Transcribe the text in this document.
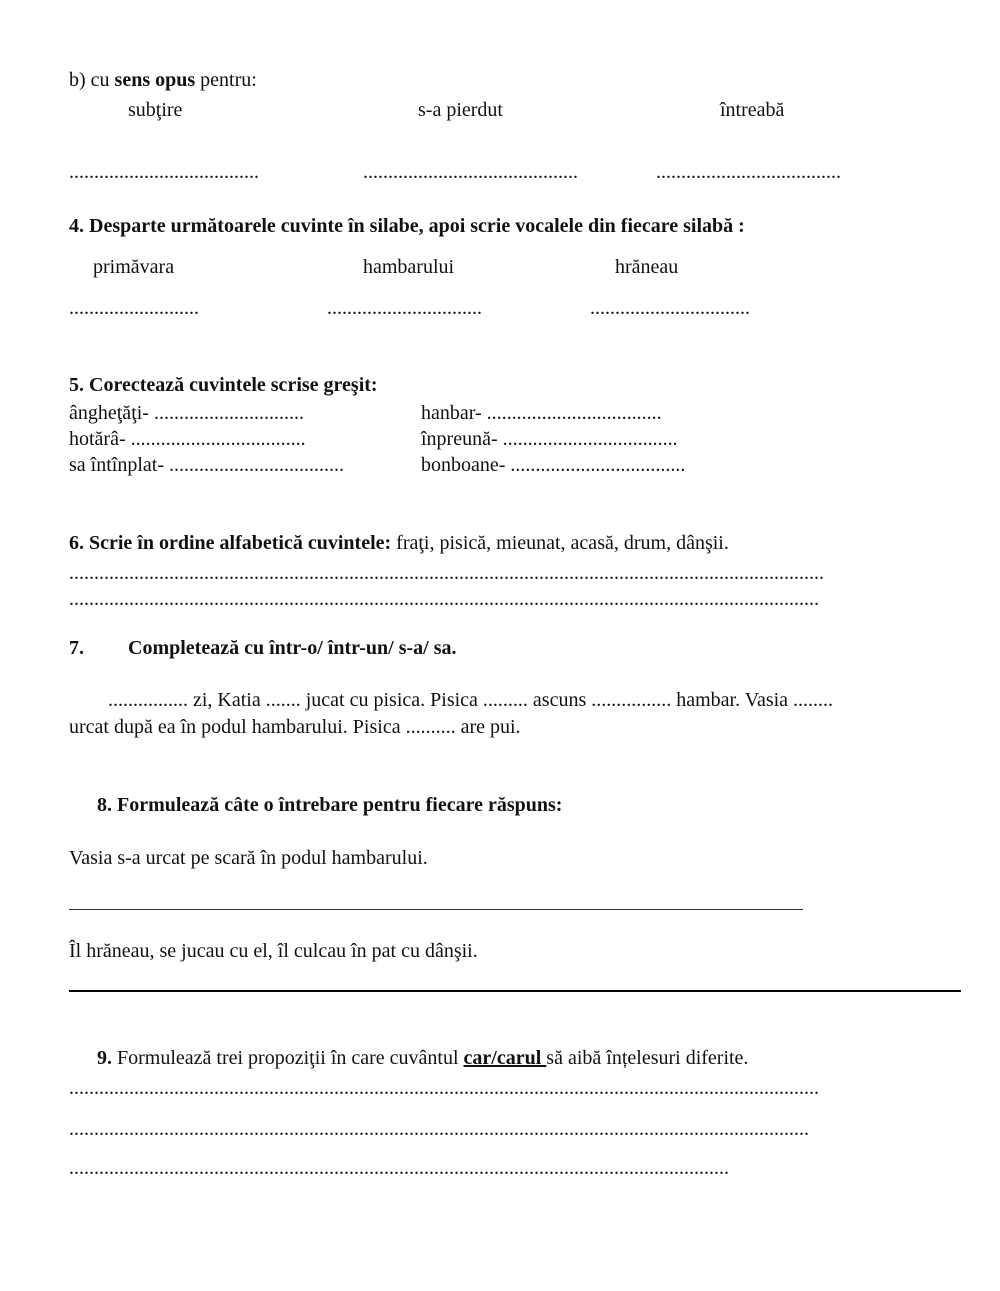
b) cu sens opus pentru:
subţire	s-a pierdut	întreabă
......................................	...........................................	.....................................
4. Desparte următoarele cuvinte în silabe, apoi scrie vocalele din fiecare silabă :
primăvara	hambarului	hrăneau
..........................	...............................	................................
5. Corectează cuvintele scrise greşit:
ângheţăţi- ..............................	hanbar- ...................................
hotărâ- ...................................	înpreună- ...................................
sa întînplat- ...................................	bonboane- ...................................
6. Scrie în ordine alfabetică cuvintele: fraţi, pisică, mieunat, acasă, drum, dânşii.
.......................................................................................................................................................
......................................................................................................................................................
7. Completează cu într-o/ într-un/ s-a/ sa.
................ zi, Katia ....... jucat cu pisica. Pisica ......... ascuns ................ hambar. Vasia ........
urcat după ea în podul hambarului. Pisica .......... are pui.
8. Formulează câte o întrebare pentru fiecare răspuns:
Vasia s-a urcat pe scară în podul hambarului.
Îl hrăneau, se jucau cu el, îl culcau în pat cu dânşii.
9. Formulează trei propoziţii în care cuvântul car/carul să aibă înțelesuri diferite.
......................................................................................................................................................
....................................................................................................................................................
....................................................................................................................................
